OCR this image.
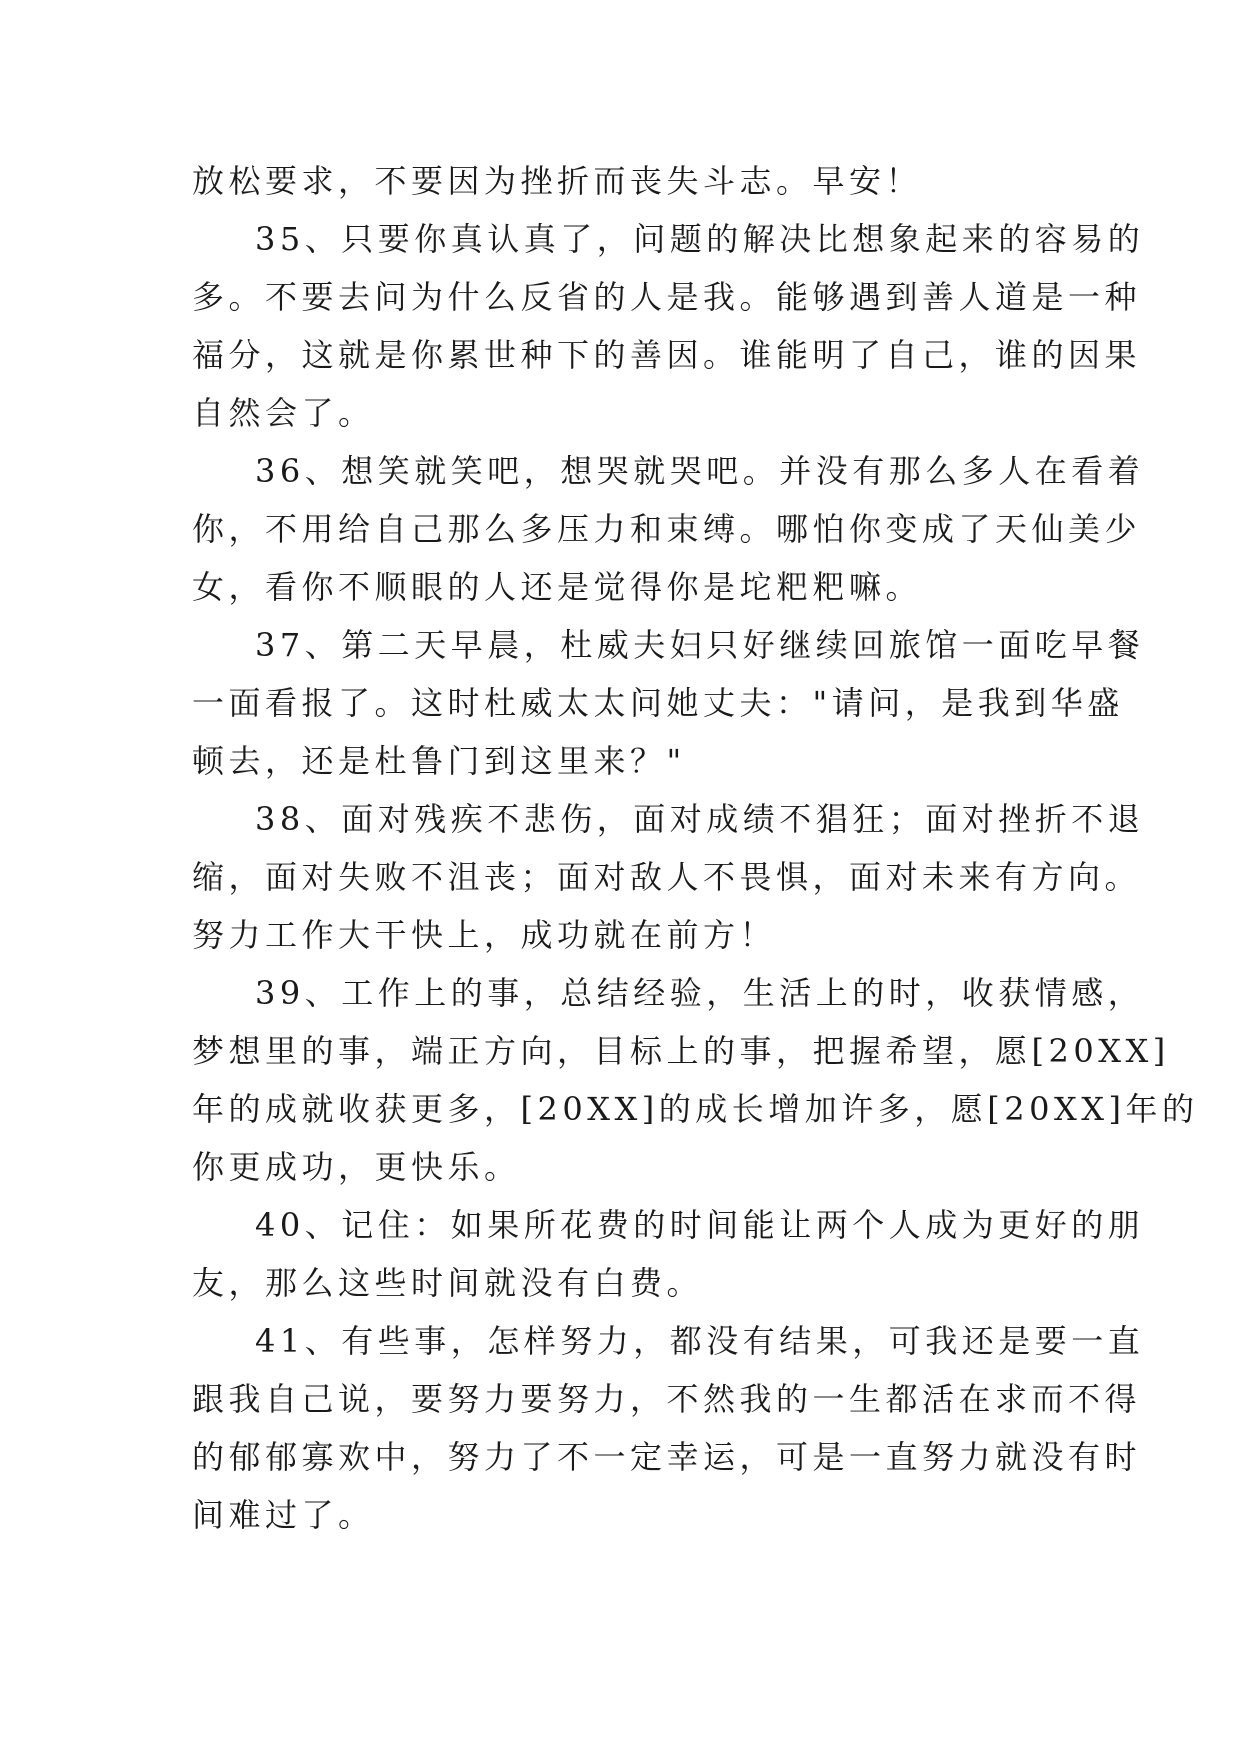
放松要求，不要因为挫折而丧失斗志。早安！
35、只要你真认真了，问题的解决比想象起来的容易的
多。不要去问为什么反省的人是我。能够遇到善人道是一种
福分，这就是你累世种下的善因。谁能明了自己，谁的因果
自然会了。
36、想笑就笑吧，想哭就哭吧。并没有那么多人在看着
你，不用给自己那么多压力和束缚。哪怕你变成了天仙美少
女，看你不顺眼的人还是觉得你是坨粑粑嘛。
37、第二天早晨，杜威夫妇只好继续回旅馆一面吃早餐
一面看报了。这时杜威太太问她丈夫："请问，是我到华盛
顿去，还是杜鲁门到这里来？"
38、面对残疾不悲伤，面对成绩不猖狂；面对挫折不退
缩，面对失败不沮丧；面对敌人不畏惧，面对未来有方向。
努力工作大干快上，成功就在前方！
39、工作上的事，总结经验，生活上的时，收获情感，
梦想里的事，端正方向，目标上的事，把握希望，愿[20XX]
年的成就收获更多，[20XX]的成长增加许多，愿[20XX]年的
你更成功，更快乐。
40、记住：如果所花费的时间能让两个人成为更好的朋
友，那么这些时间就没有白费。
41、有些事，怎样努力，都没有结果，可我还是要一直
跟我自己说，要努力要努力，不然我的一生都活在求而不得
的郁郁寡欢中，努力了不一定幸运，可是一直努力就没有时
间难过了。
